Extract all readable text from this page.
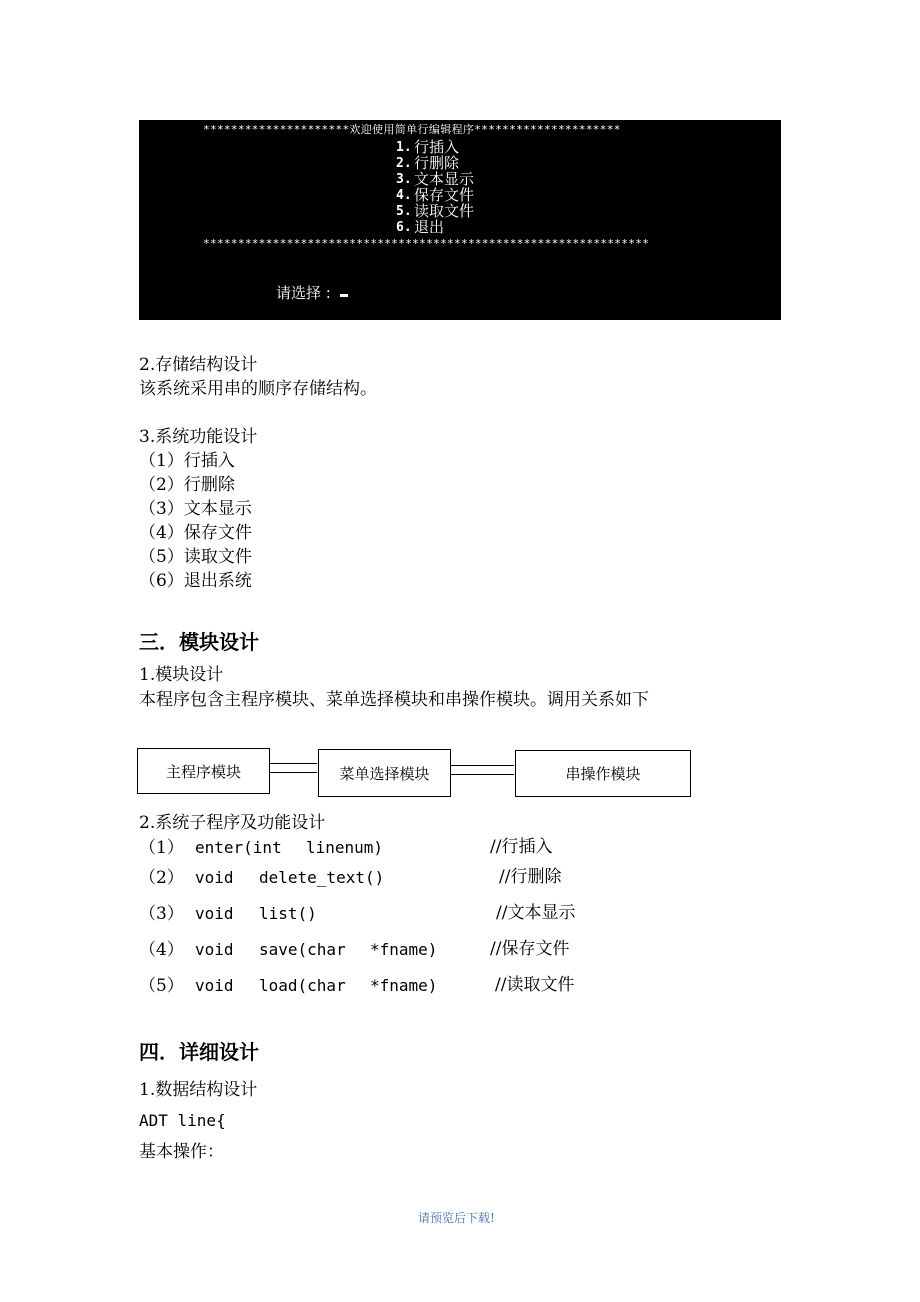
*********************欢迎使用简单行编辑程序*********************
1. 行插入
2. 行删除
3. 文本显示
4. 保存文件
5. 读取文件
6. 退出
****************************************************************
请选择 :
2.存储结构设计
该系统采用串的顺序存储结构。
3.系统功能设计
（1）行插入
（2）行删除
（3）文本显示
（4）保存文件
（5）读取文件
（6）退出系统
三．模块设计
1.模块设计
本程序包含主程序模块、菜单选择模块和串操作模块。调用关系如下
主程序模块	菜单选择模块	串操作模块
2.系统子程序及功能设计
（1） enter(int linenum)	//行插入
（2） void delete_text()	//行删除
（3） void list()	//文本显示
（4） void save(char *fname)	//保存文件
（5） void load(char *fname)	//读取文件
四．详细设计
1.数据结构设计
ADT line{
基本操作：
请预览后下载!
